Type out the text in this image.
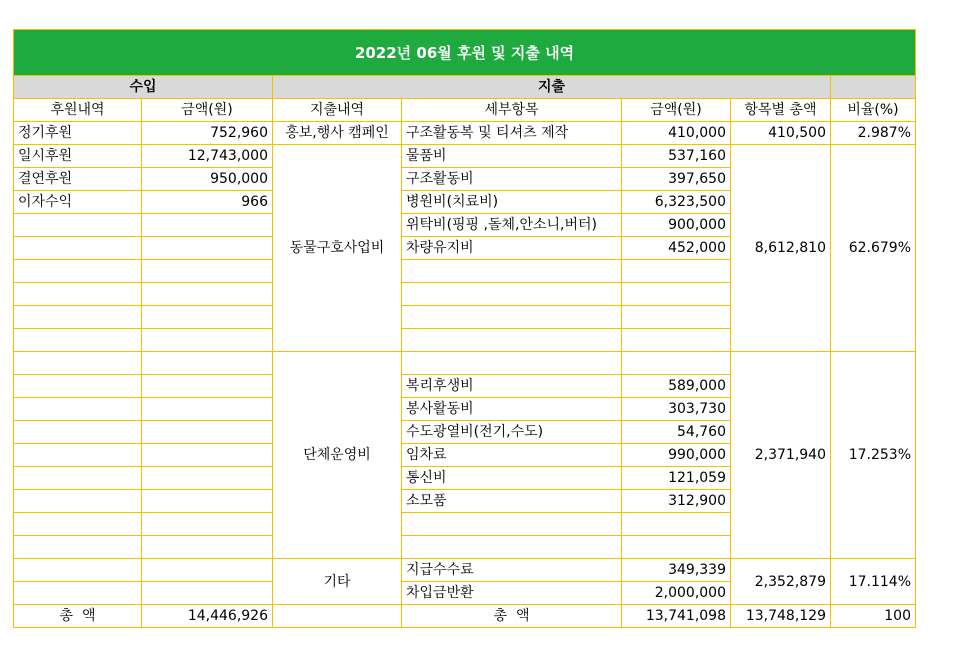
2022년 06월 후원 및 지출 내역						
수입		지출				
후원내역	금액(원)	지출내역	세부항목	금액(원)	항목별 총액	비율(%)
정기후원	752,960	홍보,행사 캠페인	구조활동복 및 티셔츠 제작	410,000	410,500	2.987%
일시후원	12,743,000	동물구호사업비	물품비	537,160	8,612,810	62.679%
결연후원	950,000		구조활동비	397,650		
이자수익	966		병원비(치료비)	6,323,500		
			위탁비(핑핑 ,돌체,안소니,버터)	900,000		
			차량유지비	452,000		

		단체운영비			2,371,940	17.253%
			복리후생비	589,000		
			봉사활동비	303,730		
			수도광열비(전기,수도)	54,760		
			임차료	990,000		
			통신비	121,059		
			소모품	312,900		

		기타	지급수수료	349,339	2,352,879	17.114%
			차입금반환	2,000,000		
총  액	14,446,926		총  액	13,741,098	13,748,129	100
